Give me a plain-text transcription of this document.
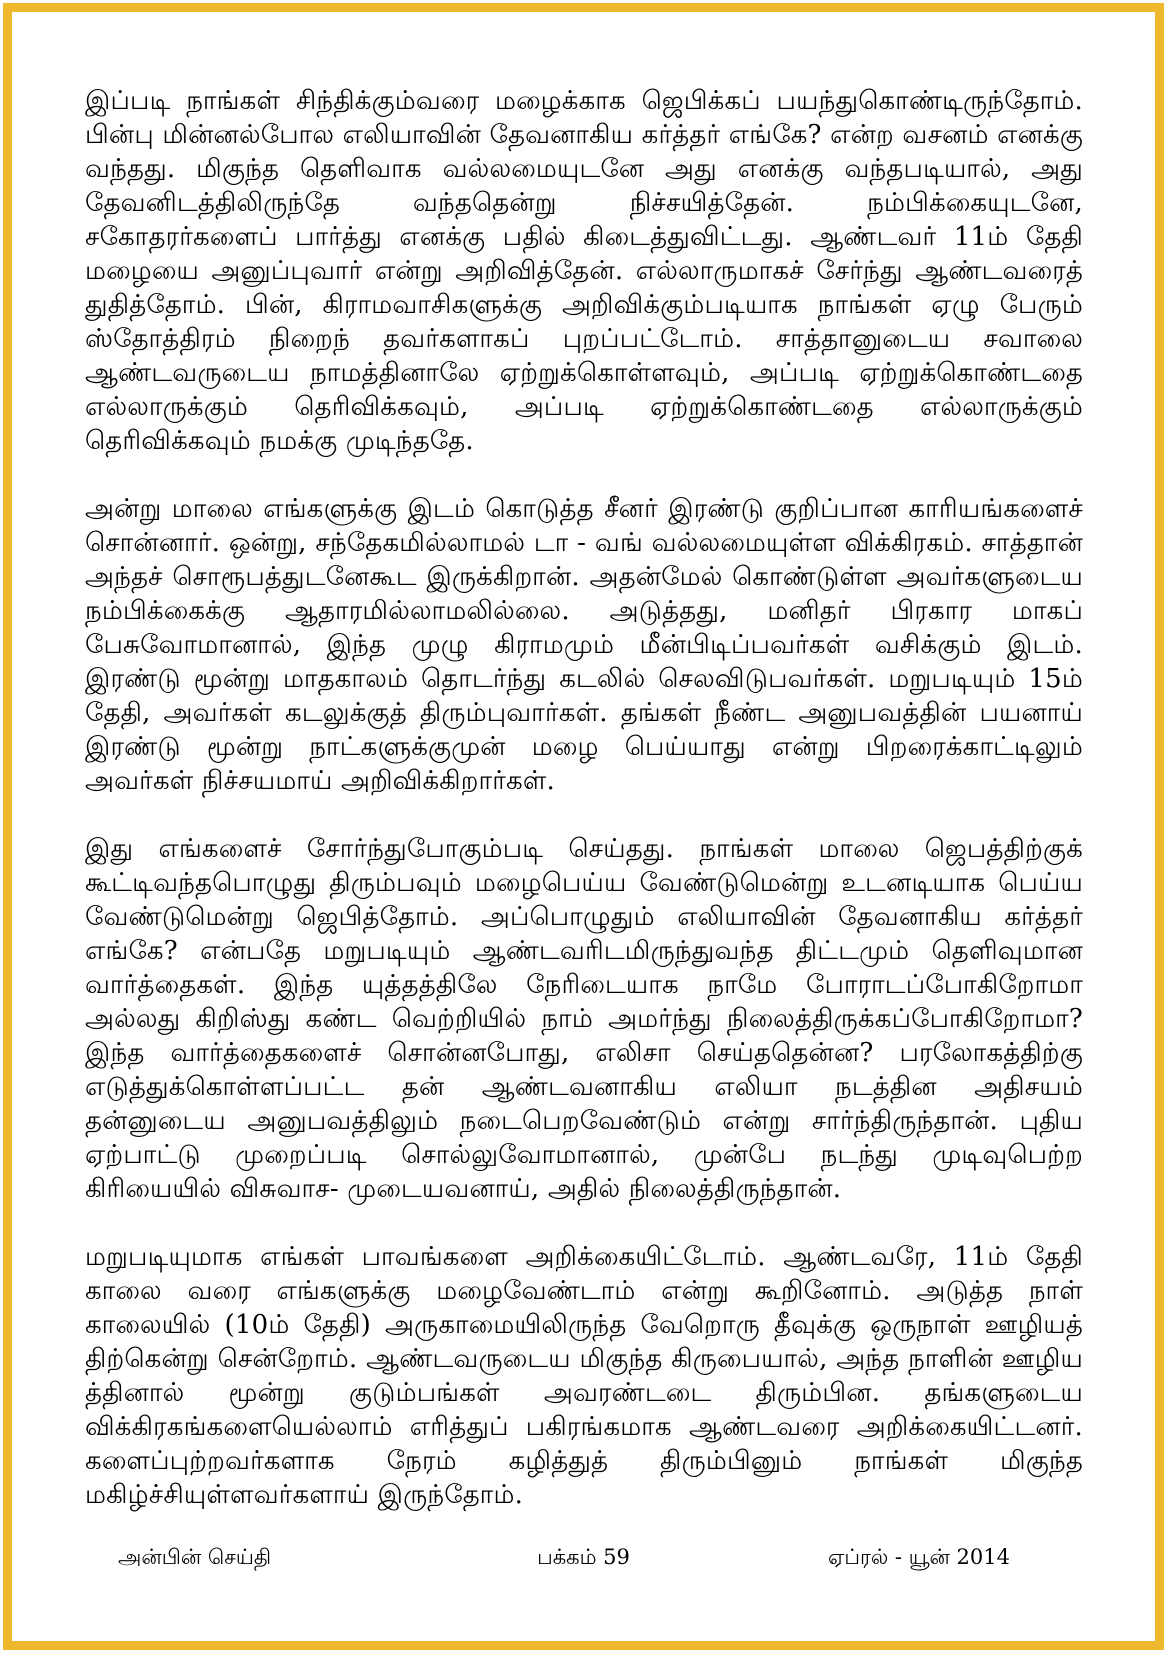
இப்படி நாங்கள் சிந்திக்கும்வரை மழைக்காக ஜெபிக்கப் பயந்துகொண்டிருந்தோம். பின்பு மின்னல்போல எலியாவின் தேவனாகிய கர்த்தர் எங்கே? என்ற வசனம் எனக்கு வந்தது. மிகுந்த தெளிவாக வல்லமையுடனே அது எனக்கு வந்தபடியால், அது தேவனிடத்திலிருந்தே வந்ததென்று நிச்சயித்தேன். நம்பிக்கையுடனே, சகோதரர்களைப் பார்த்து எனக்கு பதில் கிடைத்துவிட்டது. ஆண்டவர் 11ம் தேதி மழையை அனுப்புவார் என்று அறிவித்தேன். எல்லாருமாகச் சேர்ந்து ஆண்டவரைத் துதித்தோம். பின், கிராமவாசிகளுக்கு அறிவிக்கும்படியாக நாங்கள் ஏழு பேரும் ஸ்தோத்திரம் நிறைந் தவர்களாகப் புறப்பட்டோம். சாத்தானுடைய சவாலை ஆண்டவருடைய நாமத்தினாலே ஏற்றுக்கொள்ளவும், அப்படி ஏற்றுக்கொண்டதை எல்லாருக்கும் தெரிவிக்கவும், அப்படி ஏற்றுக்கொண்டதை எல்லாருக்கும் தெரிவிக்கவும் நமக்கு முடிந்ததே.

அன்று மாலை எங்களுக்கு இடம் கொடுத்த சீனர் இரண்டு குறிப்பான காரியங்களைச் சொன்னார். ஒன்று, சந்தேகமில்லாமல் டா - வங் வல்லமையுள்ள விக்கிரகம். சாத்தான் அந்தச் சொரூபத்துடனேகூட இருக்கிறான். அதன்மேல் கொண்டுள்ள அவர்களுடைய நம்பிக்கைக்கு ஆதாரமில்லாமலில்லை. அடுத்தது, மனிதர் பிரகார மாகப் பேசுவோமானால், இந்த முழு கிராமமும் மீன்பிடிப்பவர்கள் வசிக்கும் இடம். இரண்டு மூன்று மாதகாலம் தொடர்ந்து கடலில் செலவிடுபவர்கள். மறுபடியும் 15ம் தேதி, அவர்கள் கடலுக்குத் திரும்புவார்கள். தங்கள் நீண்ட அனுபவத்தின் பயனாய் இரண்டு மூன்று நாட்களுக்குமுன் மழை பெய்யாது என்று பிறரைக்காட்டிலும் அவர்கள் நிச்சயமாய் அறிவிக்கிறார்கள்.

இது எங்களைச் சோர்ந்துபோகும்படி செய்தது. நாங்கள் மாலை ஜெபத்திற்குக் கூட்டிவந்தபொழுது திரும்பவும் மழைபெய்ய வேண்டுமென்று உடனடியாக பெய்ய வேண்டுமென்று ஜெபித்தோம். அப்பொழுதும் எலியாவின் தேவனாகிய கர்த்தர் எங்கே? என்பதே மறுபடியும் ஆண்டவரிடமிருந்துவந்த திட்டமும் தெளிவுமான வார்த்தைகள். இந்த யுத்தத்திலே நேரிடையாக நாமே போராடப்போகிறோமா அல்லது கிறிஸ்து கண்ட வெற்றியில் நாம் அமர்ந்து நிலைத்திருக்கப்போகிறோமா? இந்த வார்த்தைகளைச் சொன்னபோது, எலிசா செய்ததென்ன? பரலோகத்திற்கு எடுத்துக்கொள்ளப்பட்ட தன் ஆண்டவனாகிய எலியா நடத்தின அதிசயம் தன்னுடைய அனுபவத்திலும் நடைபெறவேண்டும் என்று சார்ந்திருந்தான். புதிய ஏற்பாட்டு முறைப்படி சொல்லுவோமானால், முன்பே நடந்து முடிவுபெற்ற கிரியையில் விசுவாச- முடையவனாய், அதில் நிலைத்திருந்தான்.

மறுபடியுமாக எங்கள் பாவங்களை அறிக்கையிட்டோம். ஆண்டவரே, 11ம் தேதி காலை வரை எங்களுக்கு மழைவேண்டாம் என்று கூறினோம். அடுத்த நாள் காலையில் (10ம் தேதி) அருகாமையிலிருந்த வேறொரு தீவுக்கு ஒருநாள் ஊழியத் திற்கென்று சென்றோம். ஆண்டவருடைய மிகுந்த கிருபையால், அந்த நாளின் ஊழிய த்தினால் மூன்று குடும்பங்கள் அவரண்டடை திரும்பின. தங்களுடைய விக்கிரகங்களையெல்லாம் எரித்துப் பகிரங்கமாக ஆண்டவரை அறிக்கையிட்டனர். களைப்புற்றவர்களாக நேரம் கழித்துத் திரும்பினும் நாங்கள் மிகுந்த மகிழ்ச்சியுள்ளவர்களாய் இருந்தோம்.

பக்கம் 59
அன்பின் செய்தி	ஏப்ரல் - யூன் 2014
